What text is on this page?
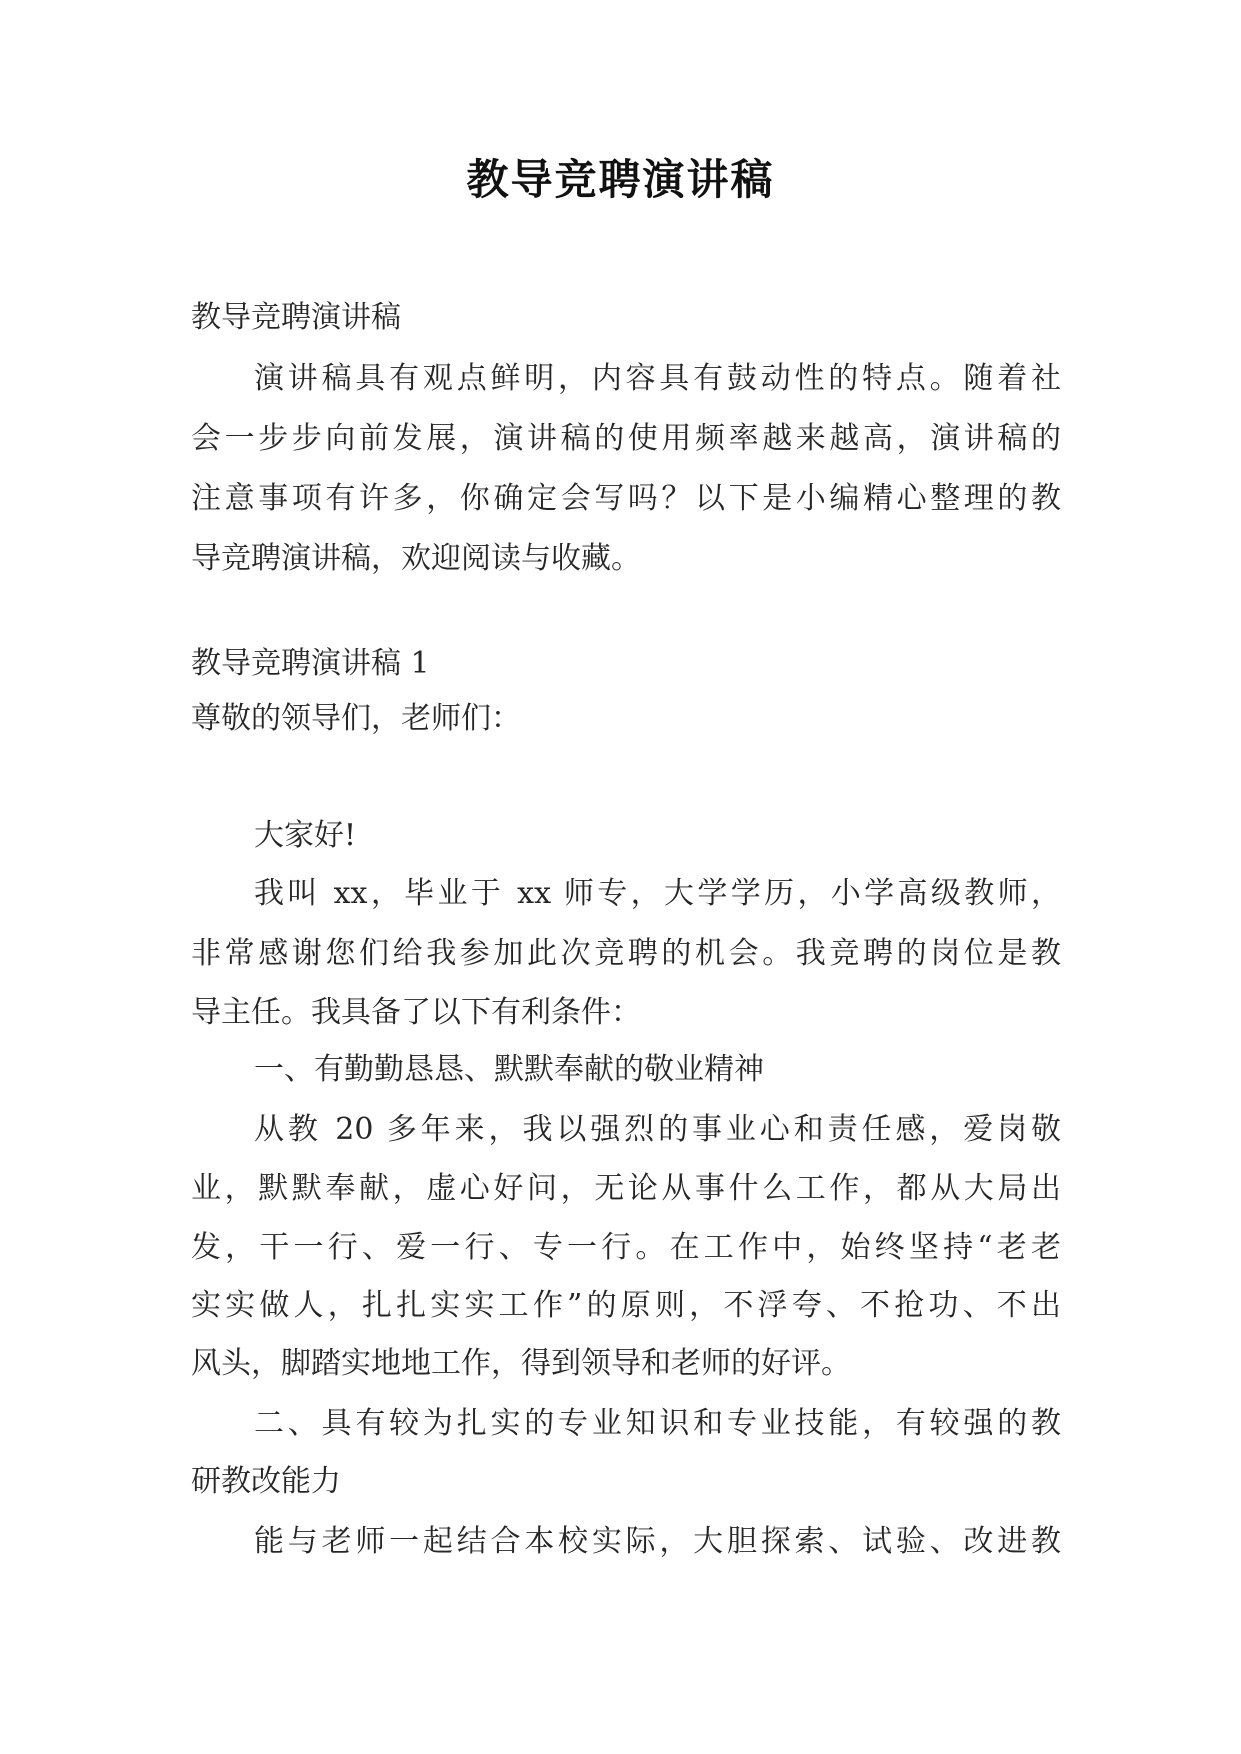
教导竞聘演讲稿
教导竞聘演讲稿
演讲稿具有观点鲜明，内容具有鼓动性的特点。随着社
会一步步向前发展，演讲稿的使用频率越来越高，演讲稿的
注意事项有许多，你确定会写吗？以下是小编精心整理的教
导竞聘演讲稿，欢迎阅读与收藏。
教导竞聘演讲稿 1
尊敬的领导们，老师们：
大家好!
我叫 xx，毕业于 xx 师专，大学学历，小学高级教师，
非常感谢您们给我参加此次竞聘的机会。我竞聘的岗位是教
导主任。我具备了以下有利条件：
一、有勤勤恳恳、默默奉献的敬业精神
从教 20 多年来，我以强烈的事业心和责任感，爱岗敬
业，默默奉献，虚心好问，无论从事什么工作，都从大局出
发，干一行、爱一行、专一行。在工作中，始终坚持“老老
实实做人，扎扎实实工作”的原则，不浮夸、不抢功、不出
风头，脚踏实地地工作，得到领导和老师的好评。
二、具有较为扎实的专业知识和专业技能，有较强的教
研教改能力
能与老师一起结合本校实际，大胆探索、试验、改进教
